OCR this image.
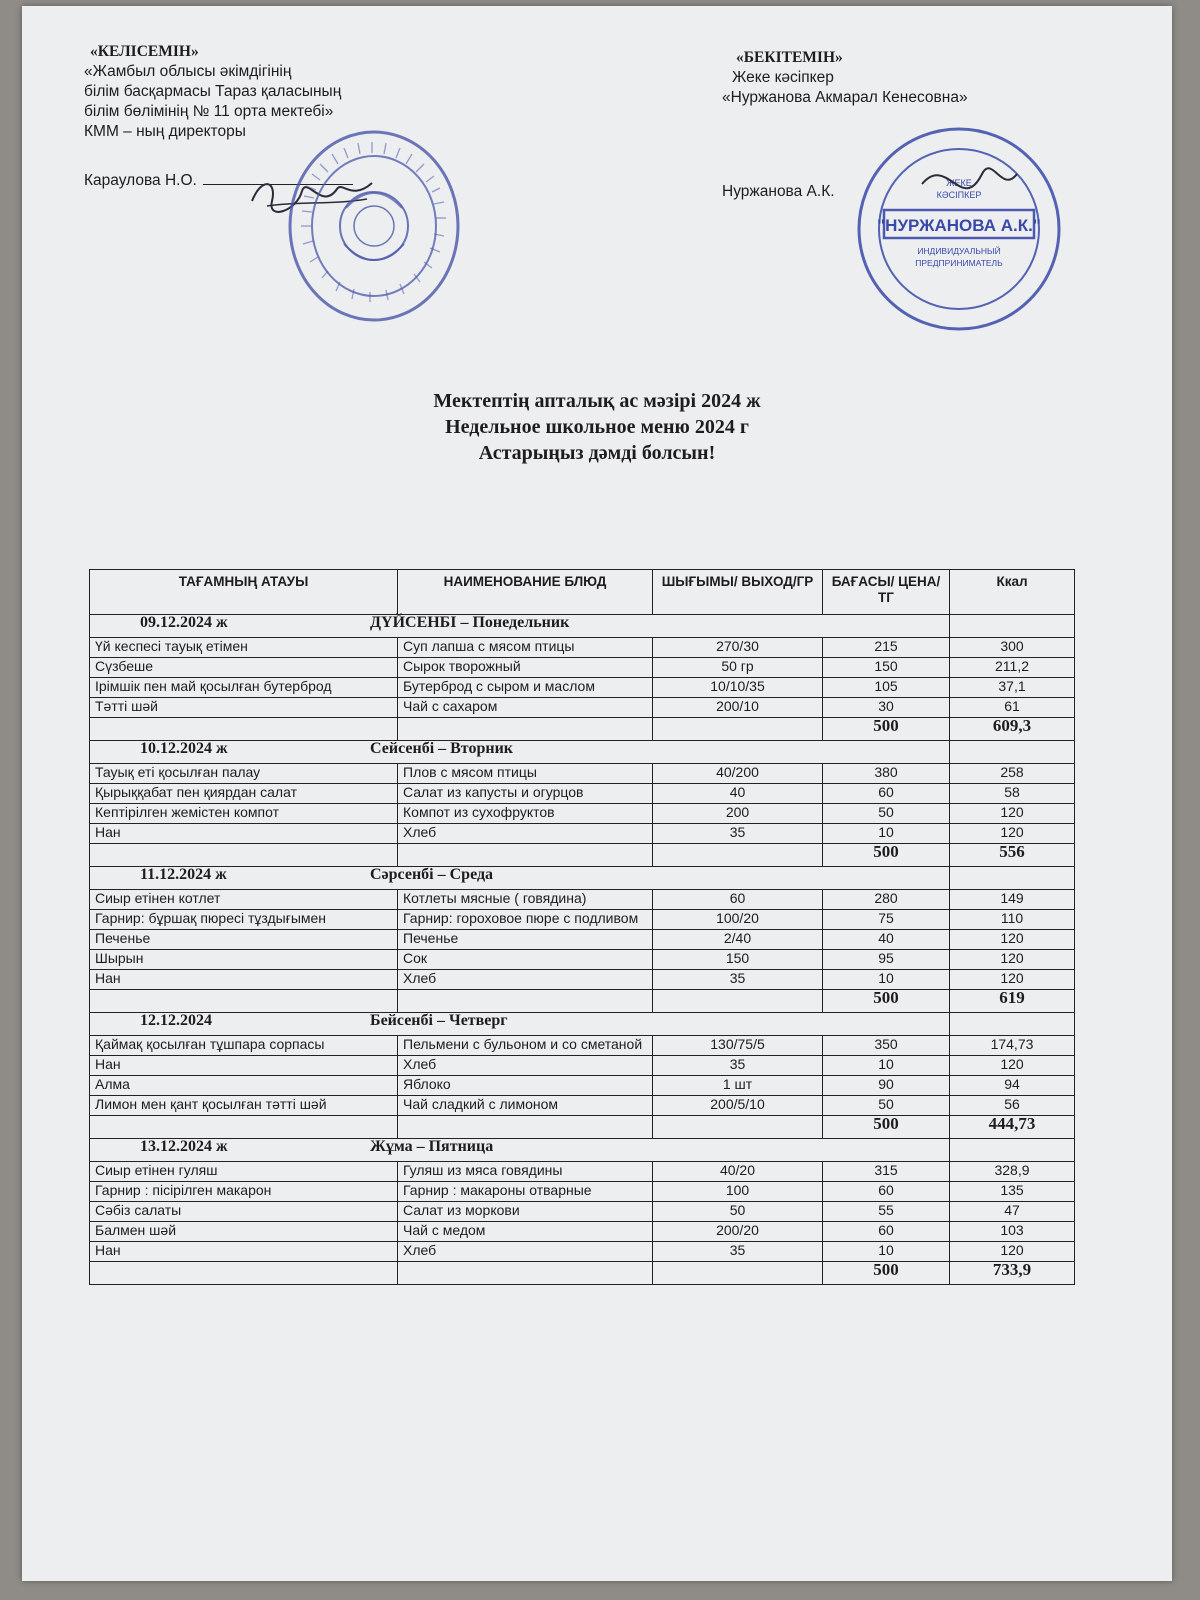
«КЕЛІСЕМІН»
«Жамбыл облысы әкімдігінің
білім басқармасы Тараз қаласының
білім бөлімінің № 11 орта мектебі»
КММ – ның директоры
Караулова Н.О.
«БЕКІТЕМІН»
Жеке кәсіпкер
«Нуржанова Акмарал Кенесовна»
Нуржанова А.К.
"НУРЖАНОВА А.К."
ИНДИВИДУАЛЬНЫЙ
ПРЕДПРИНИМАТЕЛЬ
ЖЕКЕ
КӘСІПКЕР
Мектептің апталық ас мәзірі 2024 ж
Недельное школьное меню 2024 г
Астарыңыз дәмді болсын!
ТАҒАМНЫҢ АТАУЫ	НАИМЕНОВАНИЕ БЛЮД	ШЫҒЫМЫ/ ВЫХОД/ГР	БАҒАСЫ/ ЦЕНА/ТГ	Ккал
09.12.2024 ж ДҮЙСЕНБІ – Понедельник				
Үй кеспесі тауық етімен	Суп лапша с мясом птицы	270/30	215	300
Сүзбеше	Сырок творожный	50 гр	150	211,2
Ірімшік пен май қосылған бутерброд	Бутерброд с сыром и маслом	10/10/35	105	37,1
Тәтті шәй	Чай с сахаром	200/10	30	61
			500	609,3
10.12.2024 ж Сейсенбі – Вторник				
Тауық еті қосылған палау	Плов с мясом птицы	40/200	380	258
Қырыққабат пен қиярдан салат	Салат из капусты и огурцов	40	60	58
Кептірілген жемістен компот	Компот из сухофруктов	200	50	120
Нан	Хлеб	35	10	120
			500	556
11.12.2024 ж Сәрсенбі – Среда				
Сиыр етінен котлет	Котлеты мясные ( говядина)	60	280	149
Гарнир: бұршақ пюресі тұздығымен	Гарнир: гороховое пюре с подливом	100/20	75	110
Печенье	Печенье	2/40	40	120
Шырын	Сок	150	95	120
Нан	Хлеб	35	10	120
			500	619
12.12.2024 Бейсенбі – Четверг				
Қаймақ қосылған тұшпара сорпасы	Пельмени с бульоном и со сметаной	130/75/5	350	174,73
Нан	Хлеб	35	10	120
Алма	Яблоко	1 шт	90	94
Лимон мен қант қосылған тәтті шәй	Чай сладкий с лимоном	200/5/10	50	56
			500	444,73
13.12.2024 ж Жұма – Пятница				
Сиыр етінен гуляш	Гуляш из мяса говядины	40/20	315	328,9
Гарнир : пісірілген макарон	Гарнир : макароны отварные	100	60	135
Сәбіз салаты	Салат из моркови	50	55	47
Балмен шәй	Чай с медом	200/20	60	103
Нан	Хлеб	35	10	120
			500	733,9
